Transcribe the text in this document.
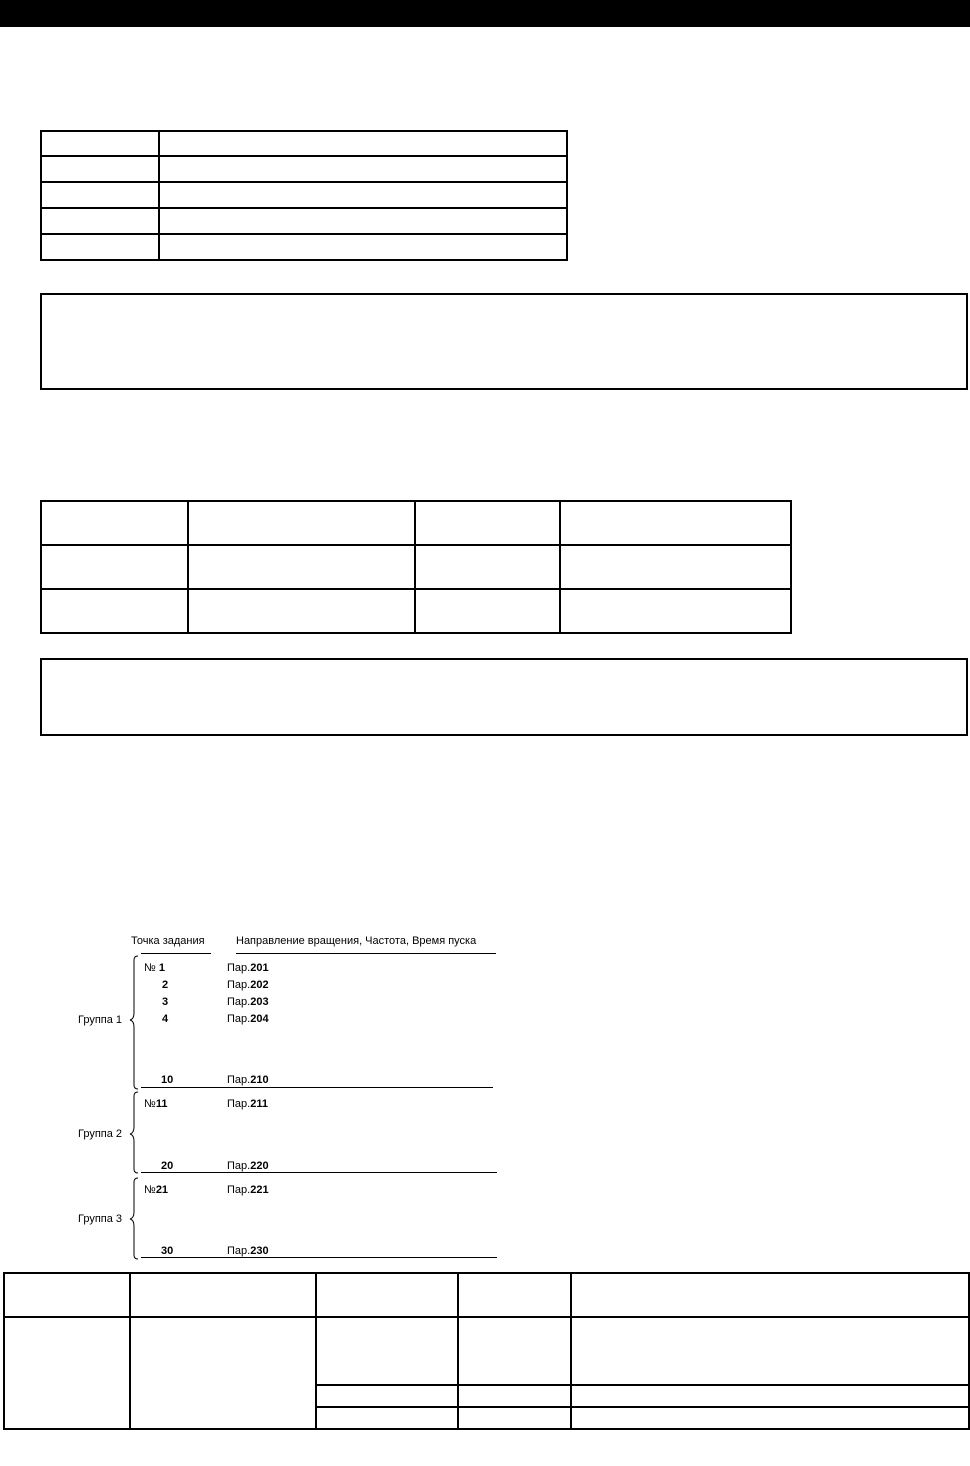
Точка задания	Направление вращения, Частота, Время пуска
Группа 1
Группа 2
Группа 3
№ 1	Пар.201
2	Пар.202
3	Пар.203
4	Пар.204
10	Пар.210
№11	Пар.211
20	Пар.220
№21	Пар.221
30	Пар.230
